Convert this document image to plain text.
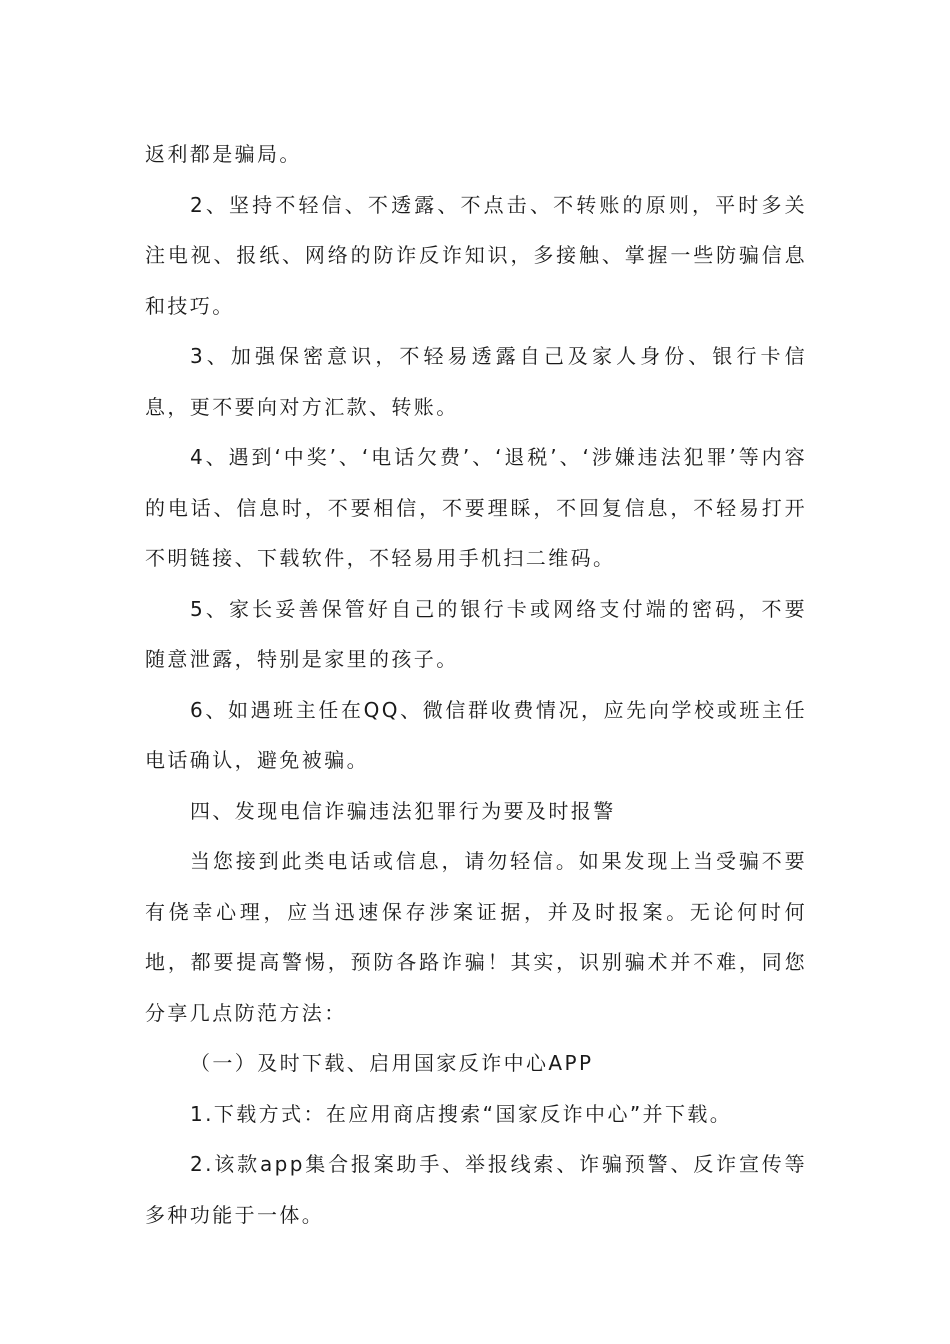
返利都是骗局。

2、坚持不轻信、不透露、不点击、不转账的原则，平时多关注电视、报纸、网络的防诈反诈知识，多接触、掌握一些防骗信息和技巧。

3、加强保密意识，不轻易透露自己及家人身份、银行卡信息，更不要向对方汇款、转账。

4、遇到‘中奖’、‘电话欠费’、‘退税’、‘涉嫌违法犯罪’等内容的电话、信息时，不要相信，不要理睬，不回复信息，不轻易打开不明链接、下载软件，不轻易用手机扫二维码。

5、家长妥善保管好自己的银行卡或网络支付端的密码，不要随意泄露，特别是家里的孩子。

6、如遇班主任在QQ、微信群收费情况，应先向学校或班主任电话确认，避免被骗。

四、发现电信诈骗违法犯罪行为要及时报警

当您接到此类电话或信息，请勿轻信。如果发现上当受骗不要有侥幸心理，应当迅速保存涉案证据，并及时报案。无论何时何地，都要提高警惕，预防各路诈骗！其实，识别骗术并不难，同您分享几点防范方法：

（一）及时下载、启用国家反诈中心APP

1.下载方式：在应用商店搜索“国家反诈中心”并下载。

2.该款app集合报案助手、举报线索、诈骗预警、反诈宣传等多种功能于一体。
